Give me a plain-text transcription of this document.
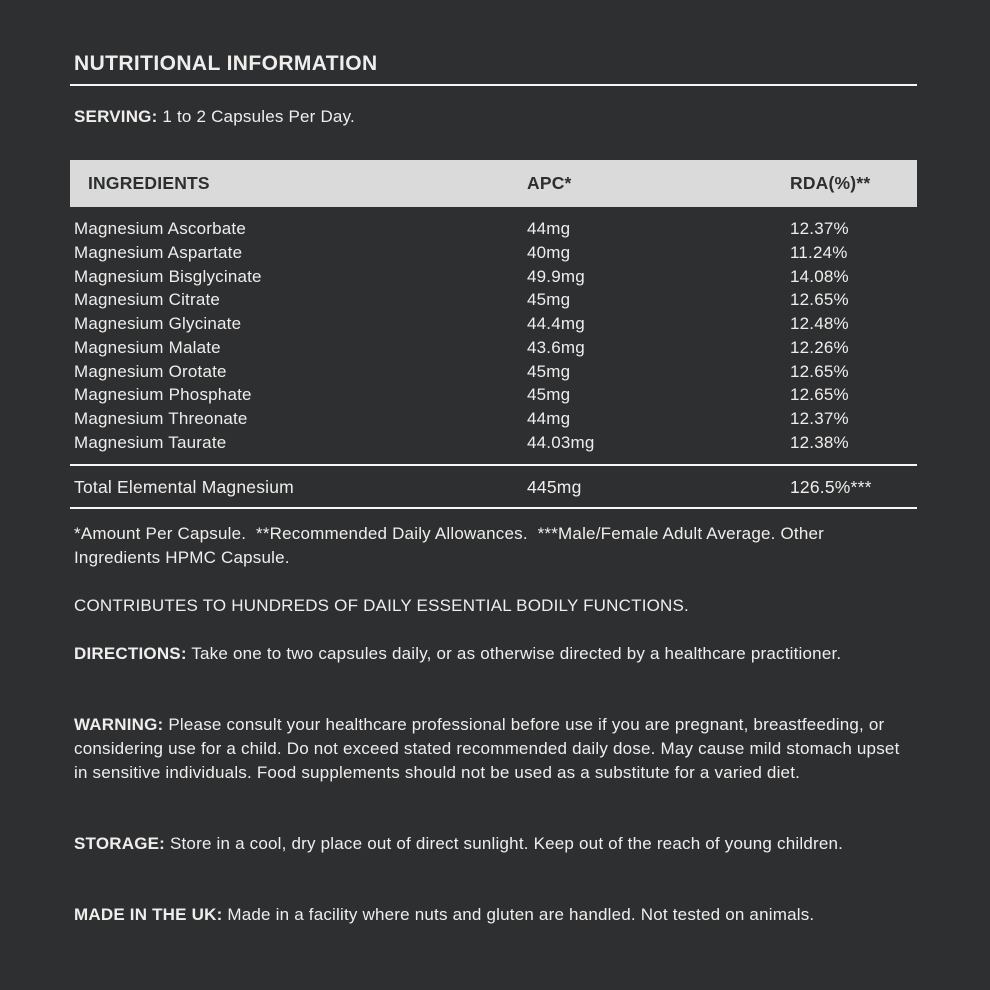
NUTRITIONAL INFORMATION

SERVING: 1 to 2 Capsules Per Day.

INGREDIENTS	APC*	RDA(%)**
Magnesium Ascorbate	44mg	12.37%
Magnesium Aspartate	40mg	11.24%
Magnesium Bisglycinate	49.9mg	14.08%
Magnesium Citrate	45mg	12.65%
Magnesium Glycinate	44.4mg	12.48%
Magnesium Malate	43.6mg	12.26%
Magnesium Orotate	45mg	12.65%
Magnesium Phosphate	45mg	12.65%
Magnesium Threonate	44mg	12.37%
Magnesium Taurate	44.03mg	12.38%
Total Elemental Magnesium	445mg	126.5%***

*Amount Per Capsule.  **Recommended Daily Allowances.  ***Male/Female Adult Average. Other Ingredients HPMC Capsule.

CONTRIBUTES TO HUNDREDS OF DAILY ESSENTIAL BODILY FUNCTIONS.

DIRECTIONS: Take one to two capsules daily, or as otherwise directed by a healthcare practitioner.

WARNING: Please consult your healthcare professional before use if you are pregnant, breastfeeding, or considering use for a child. Do not exceed stated recommended daily dose. May cause mild stomach upset in sensitive individuals. Food supplements should not be used as a substitute for a varied diet.

STORAGE: Store in a cool, dry place out of direct sunlight. Keep out of the reach of young children.

MADE IN THE UK: Made in a facility where nuts and gluten are handled. Not tested on animals.
